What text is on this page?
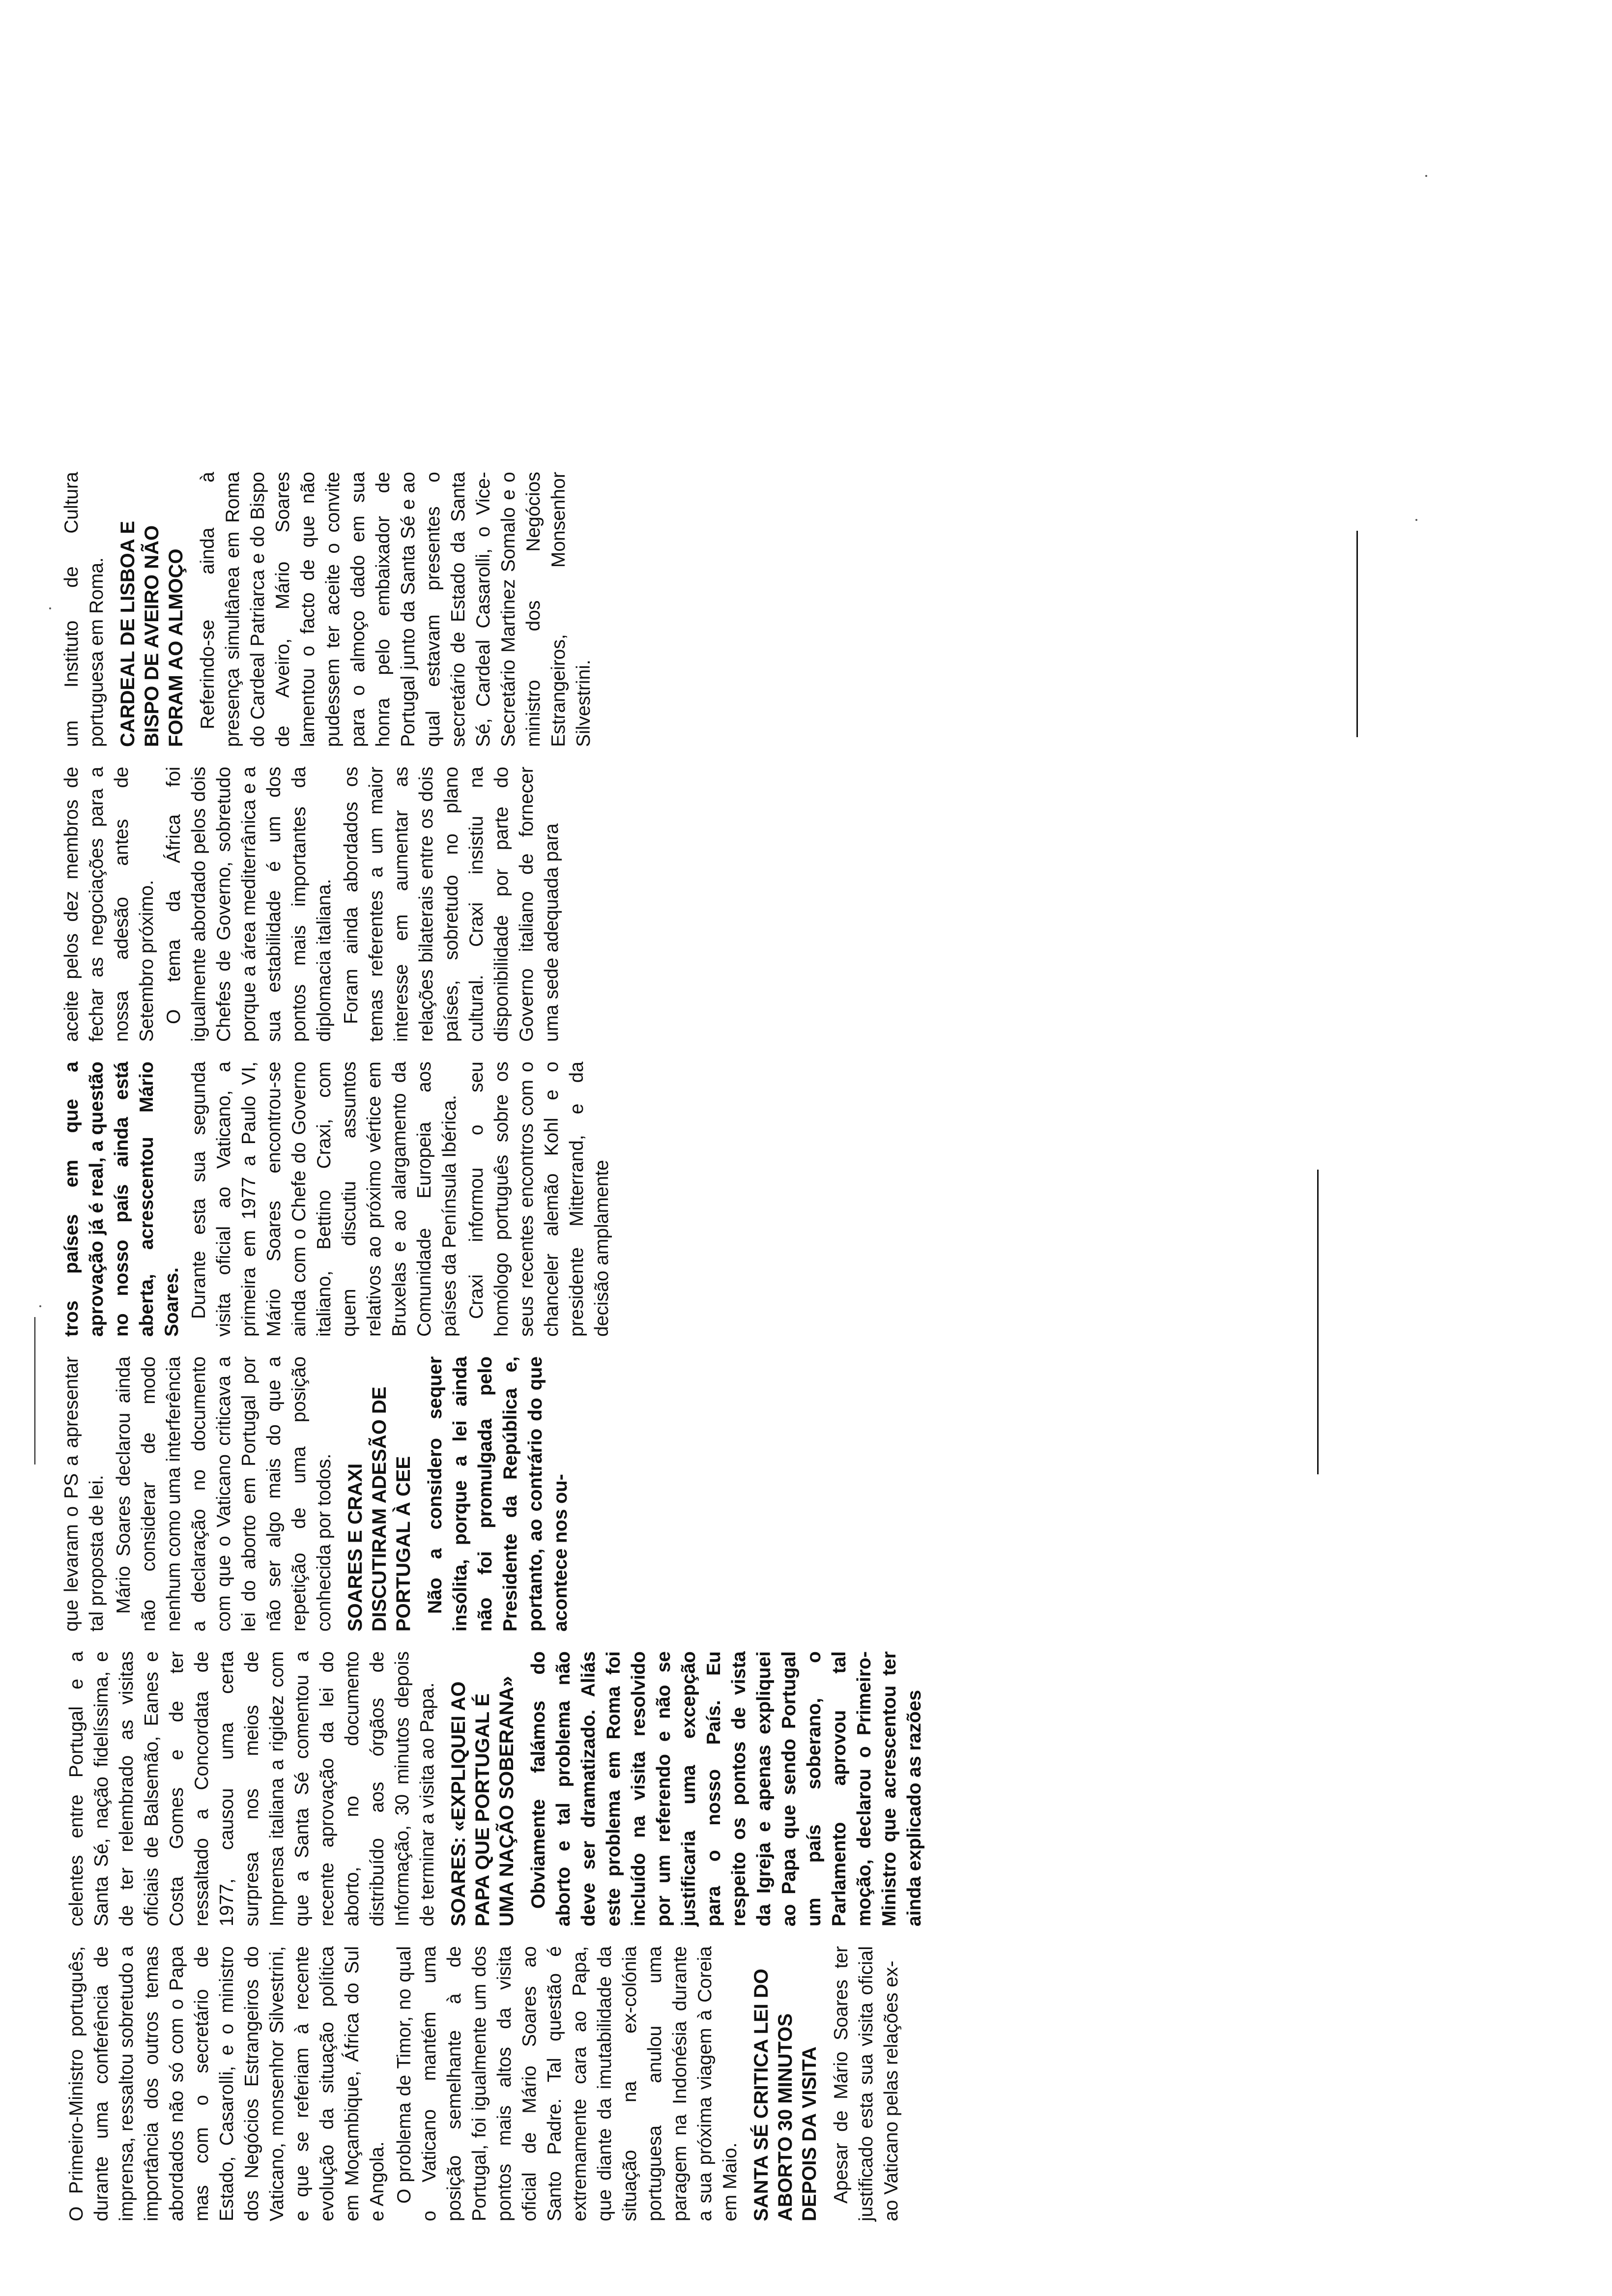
O Primeiro-Ministro português, durante uma conferência de imprensa, ressaltou sobretudo a importância dos outros temas abordados não só com o Papa mas com o secretário de Estado, Casarolli, e o ministro dos Negócios Estrangeiros do Vaticano, monsenhor Silvestrini, e que se referiam à recente evolução da situação política em Moçambique, África do Sul e Angola. O problema de Timor, no qual o Vaticano mantém uma posição semelhante à de Portugal, foi igualmente um dos pontos mais altos da visita oficial de Mário Soares ao Santo Padre. Tal questão é extremamente cara ao Papa, que diante da imutabilidade da situação na ex-colónia portuguesa anulou uma paragem na Indonésia durante a sua próxima viagem à Coreia em Maio. SANTA SÉ CRITICA LEI DO ABORTO 30 MINUTOS DEPOIS DA VISITA Apesar de Mário Soares ter justificado esta sua visita oficial ao Vaticano pelas relações ex-

celentes entre Portugal e a Santa Sé, nação fidelíssima, e de ter relembrado as visitas oficiais de Balsemão, Eanes e Costa Gomes e de ter ressaltado a Concordata de 1977, causou uma certa surpresa nos meios de Imprensa italiana a rigidez com que a Santa Sé comentou a recente aprovação da lei do aborto, no documento distribuído aos órgãos de Informação, 30 minutos depois de terminar a visita ao Papa. SOARES: «EXPLIQUEI AO PAPA QUE PORTUGAL É UMA NAÇÃO SOBERANA» Obviamente falámos do aborto e tal problema não deve ser dramatizado. Aliás este problema em Roma foi incluído na visita resolvido por um referendo e não se justificaria uma excepção para o nosso País. Eu respeito os pontos de vista da Igreja e apenas expliquei ao Papa que sendo Portugal um país soberano, o Parlamento aprovou tal moção, declarou o Primeiro-Ministro que acrescentou ter ainda explicado as razões

que levaram o PS a apresentar tal proposta de lei. Mário Soares declarou ainda não considerar de modo nenhum como uma interferência a declaração no documento com que o Vaticano criticava a lei do aborto em Portugal por não ser algo mais do que a repetição de uma posição conhecida por todos. SOARES E CRAXI DISCUTIRAM ADESÃO DE PORTUGAL À CEE Não a considero sequer insólita, porque a lei ainda não foi promulgada pelo Presidente da República e, portanto, ao contrário do que acontece nos ou-

tros países em que a aprovação já é real, a questão no nosso país ainda está aberta, acrescentou Mário Soares. Durante esta sua segunda visita oficial ao Vaticano, a primeira em 1977 a Paulo VI, Mário Soares encontrou-se ainda com o Chefe do Governo italiano, Bettino Craxi, com quem discutiu assuntos relativos ao próximo vértice em Bruxelas e ao alargamento da Comunidade Europeia aos países da Península Ibérica. Craxi informou o seu homólogo português sobre os seus recentes encontros com o chanceler alemão Kohl e o presidente Mitterrand, e da decisão amplamente

aceite pelos dez membros de fechar as negociações para a nossa adesão antes de Setembro próximo. O tema da África foi igualmente abordado pelos dois Chefes de Governo, sobretudo porque a área mediterrânica e a sua estabilidade é um dos pontos mais importantes da diplomacia italiana. Foram ainda abordados os temas referentes a um maior interesse em aumentar as relações bilaterais entre os dois países, sobretudo no plano cultural. Craxi insistiu na disponibilidade por parte do Governo italiano de fornecer uma sede adequada para

um Instituto de Cultura portuguesa em Roma. CARDEAL DE LISBOA E BISPO DE AVEIRO NÃO FORAM AO ALMOÇO Referindo-se ainda à presença simultânea em Roma do Cardeal Patriarca e do Bispo de Aveiro, Mário Soares lamentou o facto de que não pudessem ter aceite o convite para o almoço dado em sua honra pelo embaixador de Portugal junto da Santa Sé e ao qual estavam presentes o secretário de Estado da Santa Sé, Cardeal Casarolli, o Vice-Secretário Martinez Somalo e o ministro dos Negócios Estrangeiros, Monsenhor Silvestrini.
